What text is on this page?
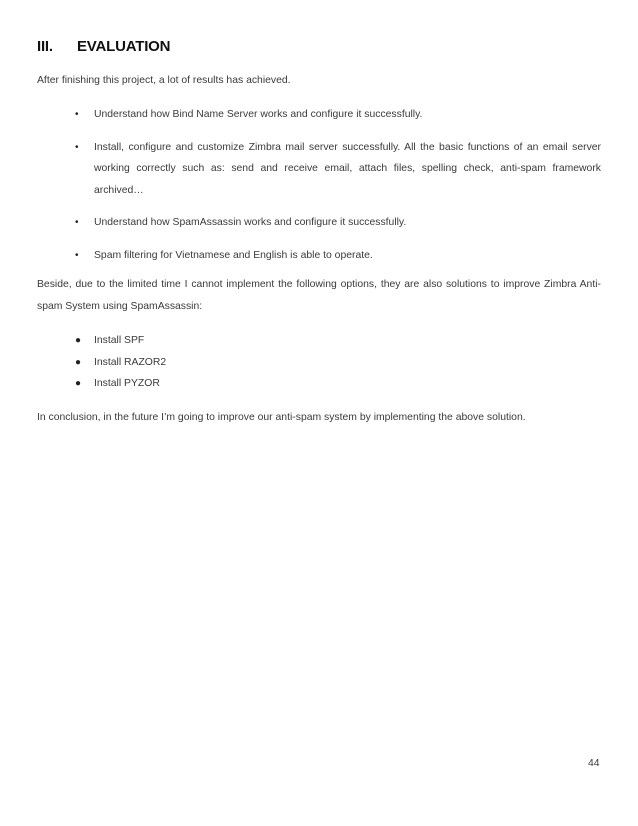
III. EVALUATION
After finishing this project, a lot of results has achieved.
• Understand how Bind Name Server works and configure it successfully.
• Install, configure and customize Zimbra mail server successfully. All the basic functions of an email server working correctly such as: send and receive email, attach files, spelling check, anti-spam framework archived…
• Understand how SpamAssassin works and configure it successfully.
• Spam filtering for Vietnamese and English is able to operate.
Beside, due to the limited time I cannot implement the following options, they are also solutions to improve Zimbra Anti-spam System using SpamAssassin:
● Install SPF
● Install RAZOR2
● Install PYZOR
In conclusion, in the future I’m going to improve our anti-spam system by implementing the above solution.
44
